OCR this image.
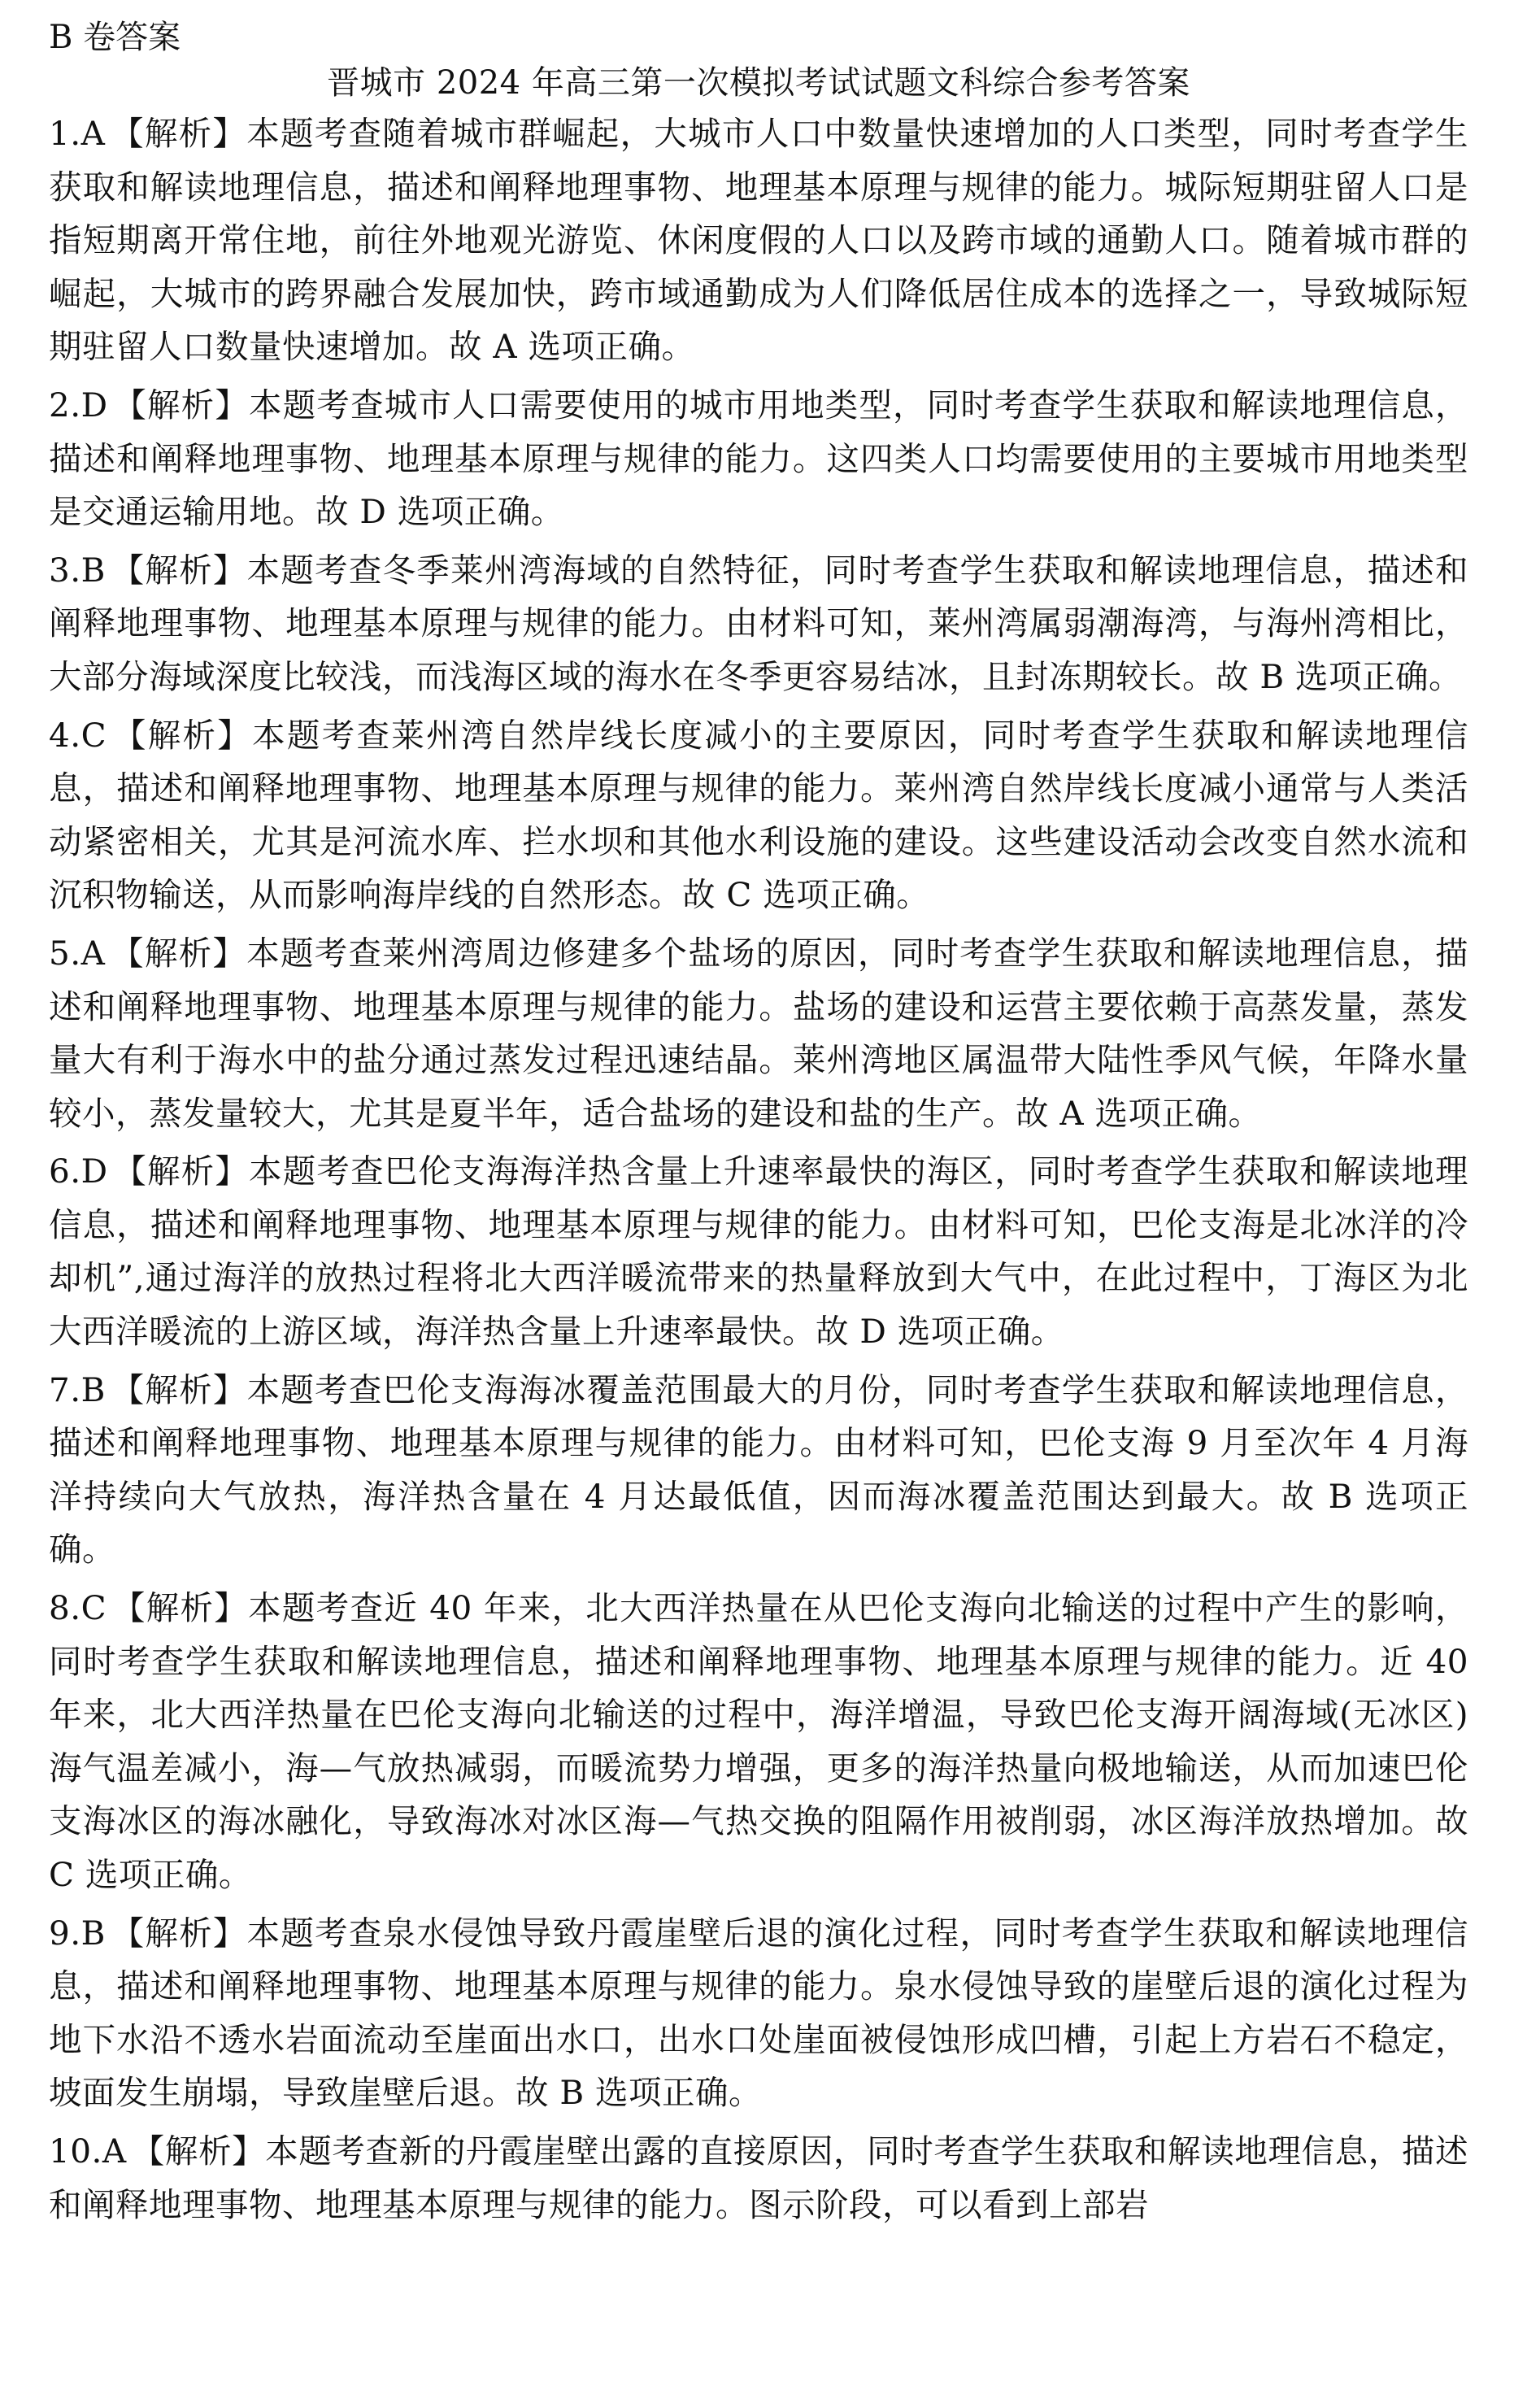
B 卷答案
晋城市 2024 年高三第一次模拟考试试题文科综合参考答案

1.A 【解析】本题考查随着城市群崛起，大城市人口中数量快速增加的人口类型，同时考查学生获取和解读地理信息，描述和阐释地理事物、地理基本原理与规律的能力。城际短期驻留人口是指短期离开常住地，前往外地观光游览、休闲度假的人口以及跨市域的通勤人口。随着城市群的崛起，大城市的跨界融合发展加快，跨市域通勤成为人们降低居住成本的选择之一，导致城际短期驻留人口数量快速增加。故 A 选项正确。

2.D 【解析】本题考查城市人口需要使用的城市用地类型，同时考查学生获取和解读地理信息，描述和阐释地理事物、地理基本原理与规律的能力。这四类人口均需要使用的主要城市用地类型是交通运输用地。故 D 选项正确。

3.B 【解析】本题考查冬季莱州湾海域的自然特征，同时考查学生获取和解读地理信息，描述和阐释地理事物、地理基本原理与规律的能力。由材料可知，莱州湾属弱潮海湾，与海州湾相比，大部分海域深度比较浅，而浅海区域的海水在冬季更容易结冰，且封冻期较长。故 B 选项正确。

4.C 【解析】本题考查莱州湾自然岸线长度减小的主要原因，同时考查学生获取和解读地理信息，描述和阐释地理事物、地理基本原理与规律的能力。莱州湾自然岸线长度减小通常与人类活动紧密相关，尤其是河流水库、拦水坝和其他水利设施的建设。这些建设活动会改变自然水流和沉积物输送，从而影响海岸线的自然形态。故 C 选项正确。

5.A 【解析】本题考查莱州湾周边修建多个盐场的原因，同时考查学生获取和解读地理信息，描述和阐释地理事物、地理基本原理与规律的能力。盐场的建设和运营主要依赖于高蒸发量，蒸发量大有利于海水中的盐分通过蒸发过程迅速结晶。莱州湾地区属温带大陆性季风气候，年降水量较小，蒸发量较大，尤其是夏半年，适合盐场的建设和盐的生产。故 A 选项正确。

6.D 【解析】本题考查巴伦支海海洋热含量上升速率最快的海区，同时考查学生获取和解读地理信息，描述和阐释地理事物、地理基本原理与规律的能力。由材料可知，巴伦支海是北冰洋的冷却机”,通过海洋的放热过程将北大西洋暖流带来的热量释放到大气中，在此过程中，丁海区为北大西洋暖流的上游区域，海洋热含量上升速率最快。故 D 选项正确。

7.B 【解析】本题考查巴伦支海海冰覆盖范围最大的月份，同时考查学生获取和解读地理信息，描述和阐释地理事物、地理基本原理与规律的能力。由材料可知，巴伦支海 9 月至次年 4 月海洋持续向大气放热，海洋热含量在 4 月达最低值，因而海冰覆盖范围达到最大。故 B 选项正确。

8.C 【解析】本题考查近 40 年来，北大西洋热量在从巴伦支海向北输送的过程中产生的影响，同时考查学生获取和解读地理信息，描述和阐释地理事物、地理基本原理与规律的能力。近 40 年来，北大西洋热量在巴伦支海向北输送的过程中，海洋增温，导致巴伦支海开阔海域(无冰区)海气温差减小，海—气放热减弱，而暖流势力增强，更多的海洋热量向极地输送，从而加速巴伦支海冰区的海冰融化，导致海冰对冰区海—气热交换的阻隔作用被削弱，冰区海洋放热增加。故 C 选项正确。

9.B 【解析】本题考查泉水侵蚀导致丹霞崖壁后退的演化过程，同时考查学生获取和解读地理信息，描述和阐释地理事物、地理基本原理与规律的能力。泉水侵蚀导致的崖壁后退的演化过程为地下水沿不透水岩面流动至崖面出水口，出水口处崖面被侵蚀形成凹槽，引起上方岩石不稳定，坡面发生崩塌，导致崖壁后退。故 B 选项正确。

10.A 【解析】本题考查新的丹霞崖壁出露的直接原因，同时考查学生获取和解读地理信息，描述和阐释地理事物、地理基本原理与规律的能力。图示阶段，可以看到上部岩
